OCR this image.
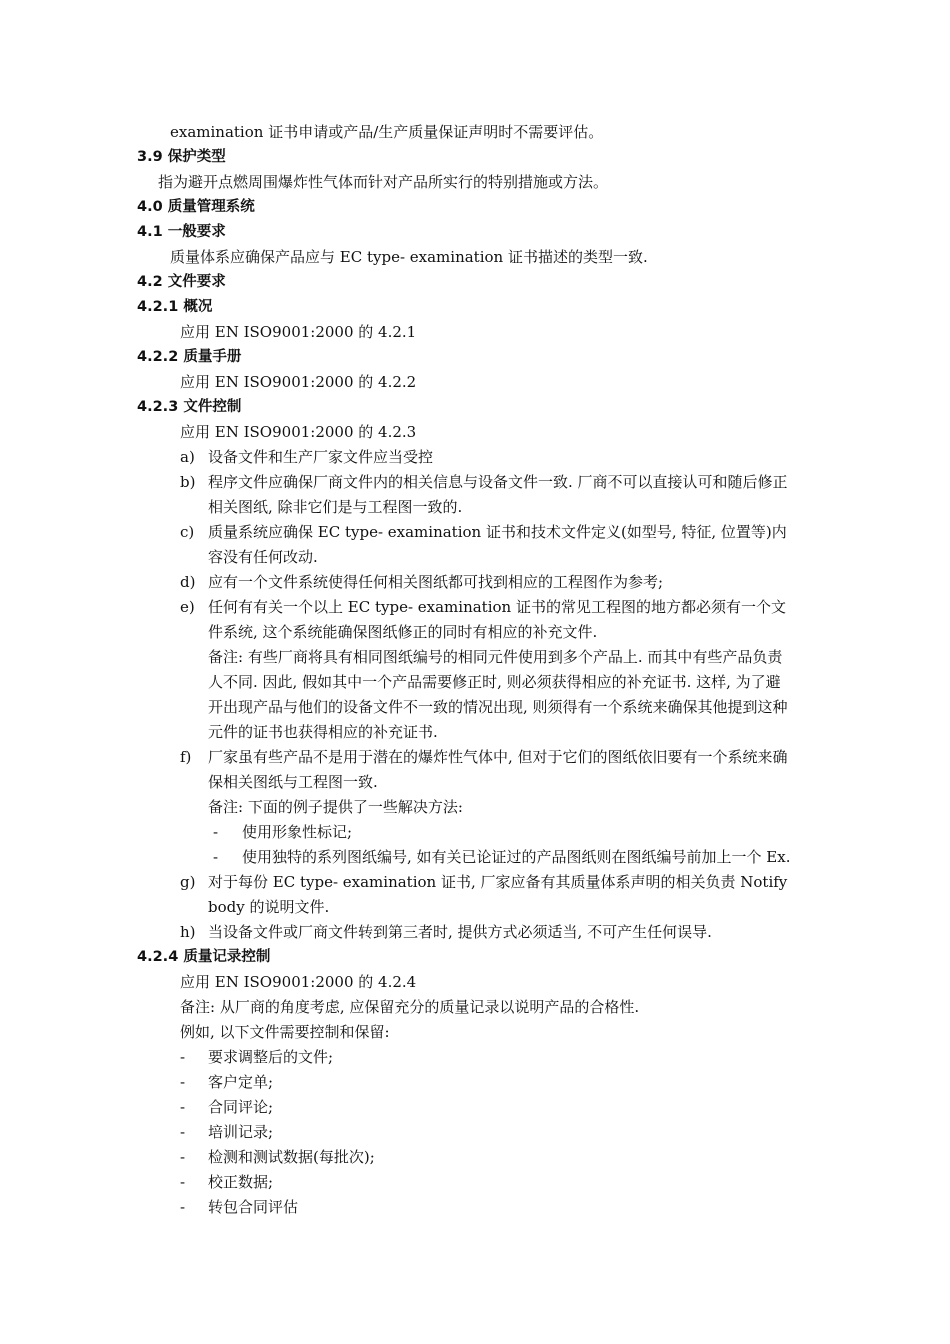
examination 证书申请或产品/生产质量保证声明时不需要评估。
3.9 保护类型
指为避开点燃周围爆炸性气体而针对产品所实行的特别措施或方法。
4.0 质量管理系统
4.1 一般要求
质量体系应确保产品应与 EC type- examination 证书描述的类型一致.
4.2 文件要求
4.2.1 概况
应用 EN ISO9001:2000 的 4.2.1
4.2.2 质量手册
应用 EN ISO9001:2000 的 4.2.2
4.2.3 文件控制
应用 EN ISO9001:2000 的 4.2.3
a) 设备文件和生产厂家文件应当受控
b) 程序文件应确保厂商文件内的相关信息与设备文件一致. 厂商不可以直接认可和随后修正
相关图纸, 除非它们是与工程图一致的.
c) 质量系统应确保 EC type- examination 证书和技术文件定义(如型号, 特征, 位置等)内
容没有任何改动.
d) 应有一个文件系统使得任何相关图纸都可找到相应的工程图作为参考;
e) 任何有有关一个以上 EC type- examination 证书的常见工程图的地方都必须有一个文
件系统, 这个系统能确保图纸修正的同时有相应的补充文件.
备注: 有些厂商将具有相同图纸编号的相同元件使用到多个产品上. 而其中有些产品负责
人不同. 因此, 假如其中一个产品需要修正时, 则必须获得相应的补充证书. 这样, 为了避
开出现产品与他们的设备文件不一致的情况出现, 则须得有一个系统来确保其他提到这种
元件的证书也获得相应的补充证书.
f) 厂家虽有些产品不是用于潜在的爆炸性气体中, 但对于它们的图纸依旧要有一个系统来确
保相关图纸与工程图一致.
备注: 下面的例子提供了一些解决方法:
- 使用形象性标记;
- 使用独特的系列图纸编号, 如有关已论证过的产品图纸则在图纸编号前加上一个 Ex.
g) 对于每份 EC type- examination 证书, 厂家应备有其质量体系声明的相关负责 Notify
body 的说明文件.
h) 当设备文件或厂商文件转到第三者时, 提供方式必须适当, 不可产生任何误导.
4.2.4 质量记录控制
应用 EN ISO9001:2000 的 4.2.4
备注: 从厂商的角度考虑, 应保留充分的质量记录以说明产品的合格性.
例如, 以下文件需要控制和保留:
- 要求调整后的文件;
- 客户定单;
- 合同评论;
- 培训记录;
- 检测和测试数据(每批次);
- 校正数据;
- 转包合同评估
